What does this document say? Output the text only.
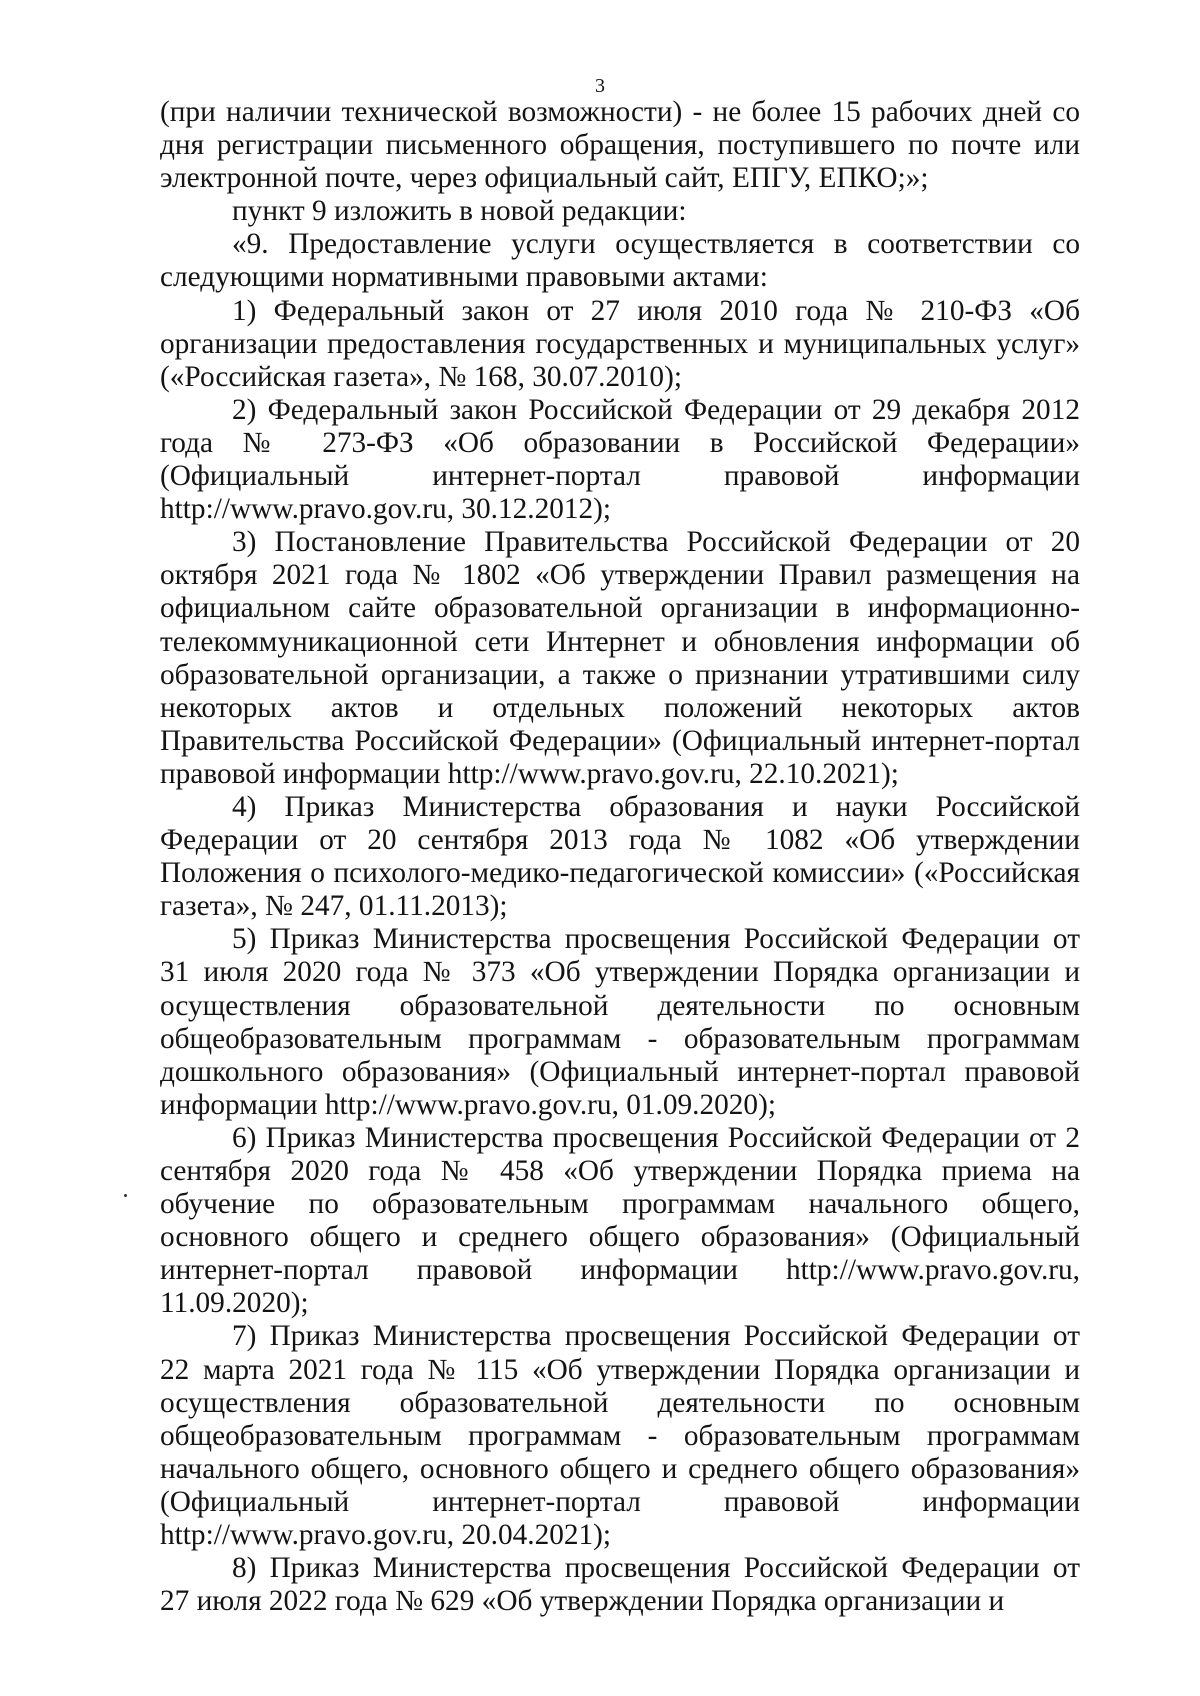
3

(при наличии технической возможности) - не более 15 рабочих дней со дня регистрации письменного обращения, поступившего по почте или электронной почте, через официальный сайт, ЕПГУ, ЕПКО;»;

пункт 9 изложить в новой редакции:

«9. Предоставление услуги осуществляется в соответствии со следующими нормативными правовыми актами:

1) Федеральный закон от 27 июля 2010 года № 210-ФЗ «Об организации предоставления государственных и муниципальных услуг» («Российская газета», № 168, 30.07.2010);

2) Федеральный закон Российской Федерации от 29 декабря 2012 года № 273-ФЗ «Об образовании в Российской Федерации» (Официальный интернет-портал правовой информации http://www.pravo.gov.ru, 30.12.2012);

3) Постановление Правительства Российской Федерации от 20 октября 2021 года № 1802 «Об утверждении Правил размещения на официальном сайте образовательной организации в информационно-телекоммуникационной сети Интернет и обновления информации об образовательной организации, а также о признании утратившими силу некоторых актов и отдельных положений некоторых актов Правительства Российской Федерации» (Официальный интернет-портал правовой информации http://www.pravo.gov.ru, 22.10.2021);

4) Приказ Министерства образования и науки Российской Федерации от 20 сентября 2013 года № 1082 «Об утверждении Положения о психолого-медико-педагогической комиссии» («Российская газета», № 247, 01.11.2013);

5) Приказ Министерства просвещения Российской Федерации от 31 июля 2020 года № 373 «Об утверждении Порядка организации и осуществления образовательной деятельности по основным общеобразовательным программам - образовательным программам дошкольного образования» (Официальный интернет-портал правовой информации http://www.pravo.gov.ru, 01.09.2020);

6) Приказ Министерства просвещения Российской Федерации от 2 сентября 2020 года № 458 «Об утверждении Порядка приема на обучение по образовательным программам начального общего, основного общего и среднего общего образования» (Официальный интернет-портал правовой информации http://www.pravo.gov.ru, 11.09.2020);

7) Приказ Министерства просвещения Российской Федерации от 22 марта 2021 года № 115 «Об утверждении Порядка организации и осуществления образовательной деятельности по основным общеобразовательным программам - образовательным программам начального общего, основного общего и среднего общего образования» (Официальный интернет-портал правовой информации http://www.pravo.gov.ru, 20.04.2021);

8) Приказ Министерства просвещения Российской Федерации от 27 июля 2022 года № 629 «Об утверждении Порядка организации и
